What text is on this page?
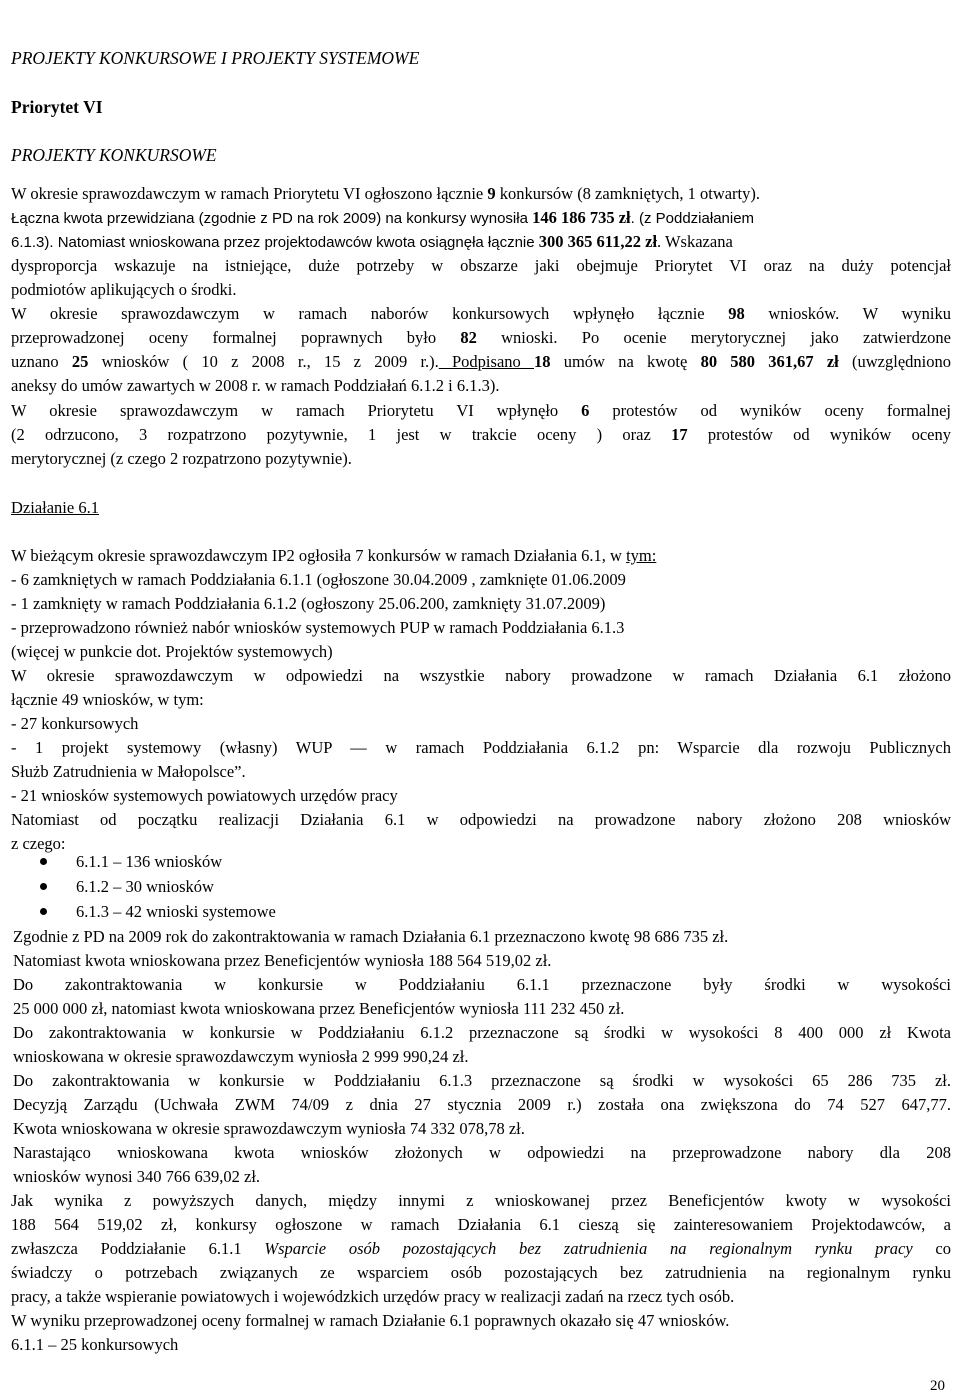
PROJEKTY KONKURSOWE I PROJEKTY SYSTEMOWE

Priorytet VI

PROJEKTY KONKURSOWE

W okresie sprawozdawczym w ramach Priorytetu VI ogłoszono łącznie 9 konkursów (8 zamkniętych, 1 otwarty).

Łączna kwota przewidziana (zgodnie z PD na rok 2009) na konkursy wynosiła 146 186 735 zł. (z Poddziałaniem

6.1.3). Natomiast wnioskowana przez projektodawców kwota osiągnęła łącznie 300 365 611,22 zł. Wskazana

dysproporcja wskazuje na istniejące, duże potrzeby w obszarze jaki obejmuje Priorytet VI oraz na duży potencjał

podmiotów aplikujących o środki.

W okresie sprawozdawczym w ramach naborów konkursowych wpłynęło łącznie 98 wniosków. W wyniku

przeprowadzonej oceny formalnej poprawnych było 82 wnioski. Po ocenie merytorycznej jako zatwierdzone

uznano 25 wniosków ( 10 z 2008 r., 15 z 2009 r.). Podpisano 18 umów na kwotę 80 580 361,67 zł (uwzględniono

aneksy do umów zawartych w 2008 r. w ramach Poddziałań 6.1.2 i 6.1.3).

W okresie sprawozdawczym w ramach Priorytetu VI wpłynęło 6 protestów od wyników oceny formalnej

(2 odrzucono, 3 rozpatrzono pozytywnie, 1 jest w trakcie oceny ) oraz 17 protestów od wyników oceny

merytorycznej (z czego 2 rozpatrzono pozytywnie).

Działanie 6.1

W bieżącym okresie sprawozdawczym IP2 ogłosiła 7 konkursów w ramach Działania 6.1, w tym:

- 6 zamkniętych w ramach Poddziałania 6.1.1 (ogłoszone 30.04.2009 , zamknięte 01.06.2009

- 1 zamknięty w ramach Poddziałania 6.1.2 (ogłoszony 25.06.200, zamknięty 31.07.2009)

- przeprowadzono również nabór wniosków systemowych PUP w ramach Poddziałania 6.1.3

(więcej w punkcie dot. Projektów systemowych)

W okresie sprawozdawczym w odpowiedzi na wszystkie nabory prowadzone w ramach Działania 6.1 złożono

łącznie 49 wniosków, w tym:

- 27 konkursowych

- 1 projekt systemowy (własny) WUP — w ramach Poddziałania 6.1.2 pn: Wsparcie dla rozwoju Publicznych

Służb Zatrudnienia w Małopolsce”.

- 21 wniosków systemowych powiatowych urzędów pracy

Natomiast od początku realizacji Działania 6.1 w odpowiedzi na prowadzone nabory złożono 208 wniosków

z czego:

6.1.1 – 136 wniosków
6.1.2 – 30 wniosków
6.1.3 – 42 wnioski systemowe

Zgodnie z PD na 2009 rok do zakontraktowania w ramach Działania 6.1 przeznaczono kwotę 98 686 735 zł.

Natomiast kwota wnioskowana przez Beneficjentów wyniosła 188 564 519,02 zł.

Do zakontraktowania w konkursie w Poddziałaniu 6.1.1 przeznaczone były środki w wysokości

25 000 000 zł, natomiast kwota wnioskowana przez Beneficjentów wyniosła 111 232 450 zł.

Do zakontraktowania w konkursie w Poddziałaniu 6.1.2 przeznaczone są środki w wysokości 8 400 000 zł Kwota

wnioskowana w okresie sprawozdawczym wyniosła 2 999 990,24 zł.

Do zakontraktowania w konkursie w Poddziałaniu 6.1.3 przeznaczone są środki w wysokości 65 286 735 zł.

Decyzją Zarządu (Uchwała ZWM 74/09 z dnia 27 stycznia 2009 r.) została ona zwiększona do 74 527 647,77.

Kwota wnioskowana w okresie sprawozdawczym wyniosła 74 332 078,78 zł.

Narastająco wnioskowana kwota wniosków złożonych w odpowiedzi na przeprowadzone nabory dla 208

wniosków wynosi 340 766 639,02 zł.

Jak wynika z powyższych danych, między innymi z wnioskowanej przez Beneficjentów kwoty w wysokości

188 564 519,02 zł, konkursy ogłoszone w ramach Działania 6.1 cieszą się zainteresowaniem Projektodawców, a

zwłaszcza Poddziałanie 6.1.1 Wsparcie osób pozostających bez zatrudnienia na regionalnym rynku pracy co

świadczy o potrzebach związanych ze wsparciem osób pozostających bez zatrudnienia na regionalnym rynku

pracy, a także wspieranie powiatowych i wojewódzkich urzędów pracy w realizacji zadań na rzecz tych osób.

W wyniku przeprowadzonej oceny formalnej w ramach Działanie 6.1 poprawnych okazało się 47 wniosków.

6.1.1 – 25 konkursowych

20
